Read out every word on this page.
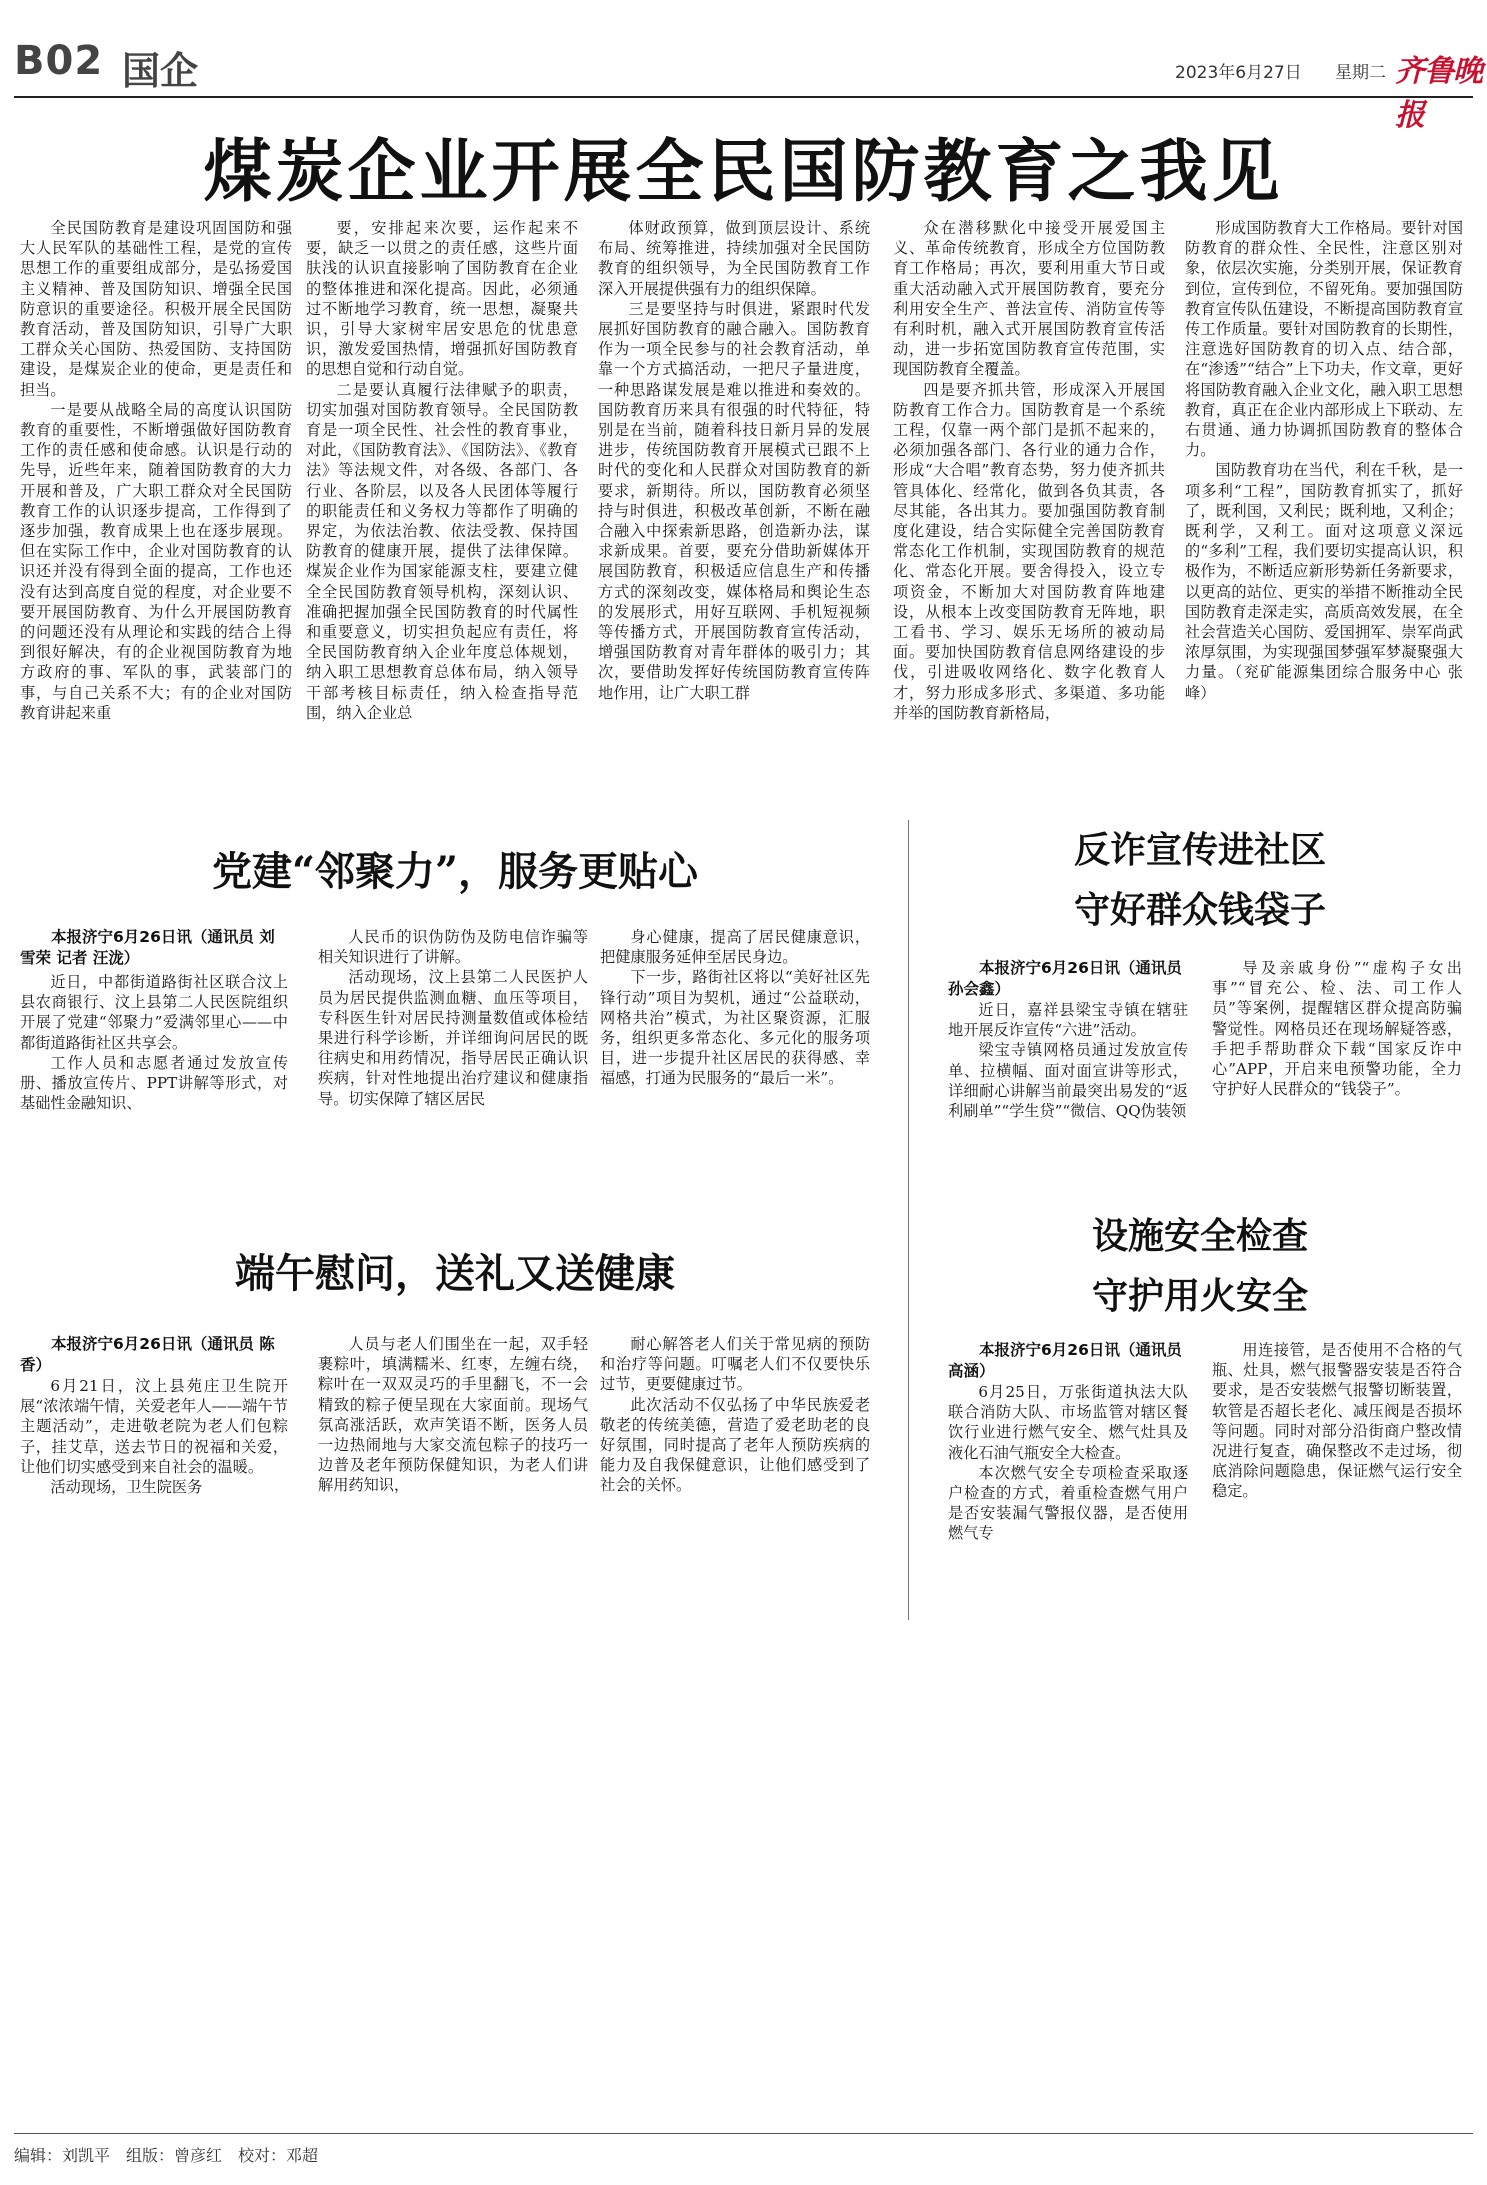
B02 国企	2023年6月27日 星期二 齐鲁晚报
煤炭企业开展全民国防教育之我见

全民国防教育是建设巩固国防和强大人民军队的基础性工程，是党的宣传思想工作的重要组成部分，是弘扬爱国主义精神、普及国防知识、增强全民国防意识的重要途径。积极开展全民国防教育活动，普及国防知识，引导广大职工群众关心国防、热爱国防、支持国防建设，是煤炭企业的使命，更是责任和担当。

一是要从战略全局的高度认识国防教育的重要性，不断增强做好国防教育工作的责任感和使命感。认识是行动的先导，近些年来，随着国防教育的大力开展和普及，广大职工群众对全民国防教育工作的认识逐步提高，工作得到了逐步加强，教育成果上也在逐步展现。但在实际工作中，企业对国防教育的认识还并没有得到全面的提高，工作也还没有达到高度自觉的程度，对企业要不要开展国防教育、为什么开展国防教育的问题还没有从理论和实践的结合上得到很好解决，有的企业视国防教育为地方政府的事、军队的事，武装部门的事，与自己关系不大；有的企业对国防教育讲起来重

要，安排起来次要，运作起来不要，缺乏一以贯之的责任感，这些片面肤浅的认识直接影响了国防教育在企业的整体推进和深化提高。因此，必须通过不断地学习教育，统一思想，凝聚共识，引导大家树牢居安思危的忧患意识，激发爱国热情，增强抓好国防教育的思想自觉和行动自觉。

二是要认真履行法律赋予的职责，切实加强对国防教育领导。全民国防教育是一项全民性、社会性的教育事业，对此，《国防教育法》、《国防法》、《教育法》等法规文件，对各级、各部门、各行业、各阶层，以及各人民团体等履行的职能责任和义务权力等都作了明确的界定，为依法治教、依法受教、保持国防教育的健康开展，提供了法律保障。煤炭企业作为国家能源支柱，要建立健全全民国防教育领导机构，深刻认识、准确把握加强全民国防教育的时代属性和重要意义，切实担负起应有责任，将全民国防教育纳入企业年度总体规划，纳入职工思想教育总体布局，纳入领导干部考核目标责任，纳入检查指导范围，纳入企业总

体财政预算，做到顶层设计、系统布局、统筹推进，持续加强对全民国防教育的组织领导，为全民国防教育工作深入开展提供强有力的组织保障。

三是要坚持与时俱进，紧跟时代发展抓好国防教育的融合融入。国防教育作为一项全民参与的社会教育活动，单靠一个方式搞活动，一把尺子量进度，一种思路谋发展是难以推进和奏效的。国防教育历来具有很强的时代特征，特别是在当前，随着科技日新月异的发展进步，传统国防教育开展模式已跟不上时代的变化和人民群众对国防教育的新要求，新期待。所以，国防教育必须坚持与时俱进，积极改革创新，不断在融合融入中探索新思路，创造新办法，谋求新成果。首要，要充分借助新媒体开展国防教育，积极适应信息生产和传播方式的深刻改变，媒体格局和舆论生态的发展形式，用好互联网、手机短视频等传播方式，开展国防教育宣传活动，增强国防教育对青年群体的吸引力；其次，要借助发挥好传统国防教育宣传阵地作用，让广大职工群

众在潜移默化中接受开展爱国主义、革命传统教育，形成全方位国防教育工作格局；再次，要利用重大节日或重大活动融入式开展国防教育，要充分利用安全生产、普法宣传、消防宣传等有利时机，融入式开展国防教育宣传活动，进一步拓宽国防教育宣传范围，实现国防教育全覆盖。

四是要齐抓共管，形成深入开展国防教育工作合力。国防教育是一个系统工程，仅靠一两个部门是抓不起来的，必须加强各部门、各行业的通力合作，形成“大合唱”教育态势，努力使齐抓共管具体化、经常化，做到各负其责，各尽其能，各出其力。要加强国防教育制度化建设，结合实际健全完善国防教育常态化工作机制，实现国防教育的规范化、常态化开展。要舍得投入，设立专项资金，不断加大对国防教育阵地建设，从根本上改变国防教育无阵地，职工看书、学习、娱乐无场所的被动局面。要加快国防教育信息网络建设的步伐，引进吸收网络化、数字化教育人才，努力形成多形式、多渠道、多功能并举的国防教育新格局，

形成国防教育大工作格局。要针对国防教育的群众性、全民性，注意区别对象，依层次实施，分类别开展，保证教育到位，宣传到位，不留死角。要加强国防教育宣传队伍建设，不断提高国防教育宣传工作质量。要针对国防教育的长期性，注意选好国防教育的切入点、结合部，在“渗透”“结合”上下功夫，作文章，更好将国防教育融入企业文化，融入职工思想教育，真正在企业内部形成上下联动、左右贯通、通力协调抓国防教育的整体合力。

国防教育功在当代，利在千秋，是一项多利“工程”，国防教育抓实了，抓好了，既利国，又利民；既利地，又利企；既利学，又利工。面对这项意义深远的“多利”工程，我们要切实提高认识，积极作为，不断适应新形势新任务新要求，以更高的站位、更实的举措不断推动全民国防教育走深走实，高质高效发展，在全社会营造关心国防、爱国拥军、崇军尚武浓厚氛围，为实现强国梦强军梦凝聚强大力量。（兖矿能源集团综合服务中心 张峰）

党建“邻聚力”，服务更贴心
本报济宁6月26日讯（通讯员 刘雪荣 记者 汪泷）

近日，中都街道路街社区联合汶上县农商银行、汶上县第二人民医院组织开展了党建“邻聚力”爱满邻里心——中都街道路街社区共享会。

工作人员和志愿者通过发放宣传册、播放宣传片、PPT讲解等形式，对基础性金融知识、

人民币的识伪防伪及防电信诈骗等相关知识进行了讲解。

活动现场，汶上县第二人民医护人员为居民提供监测血糖、血压等项目，专科医生针对居民持测量数值或体检结果进行科学诊断，并详细询问居民的既往病史和用药情况，指导居民正确认识疾病，针对性地提出治疗建议和健康指导。切实保障了辖区居民

身心健康，提高了居民健康意识，把健康服务延伸至居民身边。

下一步，路街社区将以“美好社区先锋行动”项目为契机，通过“公益联动，网格共治”模式，为社区聚资源，汇服务，组织更多常态化、多元化的服务项目，进一步提升社区居民的获得感、幸福感，打通为民服务的“最后一米”。

端午慰问，送礼又送健康
本报济宁6月26日讯（通讯员 陈香）

6月21日，汶上县苑庄卫生院开展“浓浓端午情，关爱老年人——端午节主题活动”，走进敬老院为老人们包粽子，挂艾草，送去节日的祝福和关爱，让他们切实感受到来自社会的温暖。

活动现场，卫生院医务

人员与老人们围坐在一起，双手轻裹粽叶，填满糯米、红枣，左缠右绕，粽叶在一双双灵巧的手里翻飞，不一会精致的粽子便呈现在大家面前。现场气氛高涨活跃，欢声笑语不断，医务人员一边热闹地与大家交流包粽子的技巧一边普及老年预防保健知识，为老人们讲解用药知识，

耐心解答老人们关于常见病的预防和治疗等问题。叮嘱老人们不仅要快乐过节，更要健康过节。

此次活动不仅弘扬了中华民族爱老敬老的传统美德，营造了爱老助老的良好氛围，同时提高了老年人预防疾病的能力及自我保健意识，让他们感受到了社会的关怀。

反诈宣传进社区
守好群众钱袋子
本报济宁6月26日讯（通讯员 孙会鑫）

近日，嘉祥县梁宝寺镇在辖驻地开展反诈宣传“六进”活动。

梁宝寺镇网格员通过发放宣传单、拉横幅、面对面宣讲等形式，详细耐心讲解当前最突出易发的“返利刷单”“学生贷”“微信、QQ伪装领

导及亲戚身份”“虚构子女出事”“冒充公、检、法、司工作人员”等案例，提醒辖区群众提高防骗警觉性。网格员还在现场解疑答惑，手把手帮助群众下载“国家反诈中心”APP，开启来电预警功能，全力守护好人民群众的“钱袋子”。
设施安全检查
守护用火安全
本报济宁6月26日讯（通讯员 高涵）

6月25日，万张街道执法大队联合消防大队、市场监管对辖区餐饮行业进行燃气安全、燃气灶具及液化石油气瓶安全大检查。

本次燃气安全专项检查采取逐户检查的方式，着重检查燃气用户是否安装漏气警报仪器，是否使用燃气专

用连接管，是否使用不合格的气瓶、灶具，燃气报警器安装是否符合要求，是否安装燃气报警切断装置，软管是否超长老化、减压阀是否损坏等问题。同时对部分沿街商户整改情况进行复查，确保整改不走过场，彻底消除问题隐患，保证燃气运行安全稳定。
编辑：刘凯平　组版：曾彦红　校对：邓超
